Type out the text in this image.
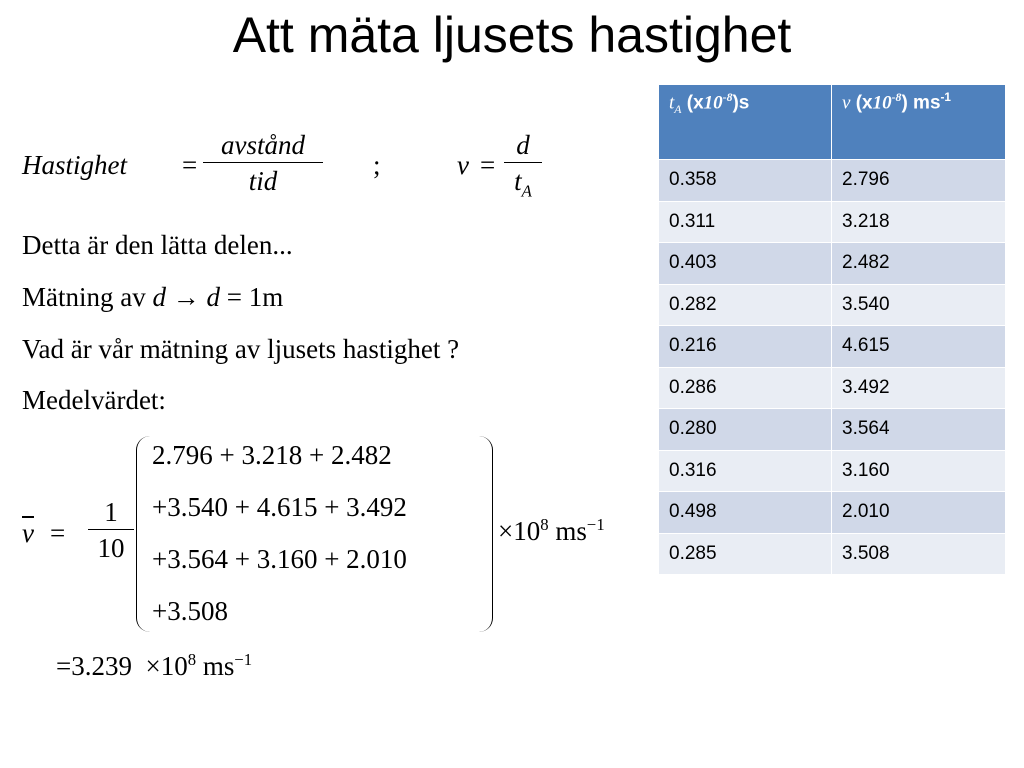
Att mäta ljusets hastighet
Hastighet =
avstånd
tid
;	$v = \frac{d}{t_A}$
Detta är den lätta delen...
Mätning av d → d = 1m
Vad är vår mätning av ljusets hastighet ?
Medelvärdet:
$\overline{v} = \frac{1}{10}$
2.796 + 3.218 + 2.482
+3.540 + 4.615 + 3.492
+3.564 + 3.160 + 2.010
+3.508
$\times 10^8$ $ms^{-1}$
$=3.239 \times 10^8$ $ms^{-1}$
$t_A$ $(x10^{-8})s$	v $(x10^{-8})$ $ms^{-1}$
0.358	2.796
0.311	3.218
0.403	2.482
0.282	3.540
0.216	4.615
0.286	3.492
0.280	3.564
0.316	3.160
0.498	2.010
0.285	3.508
